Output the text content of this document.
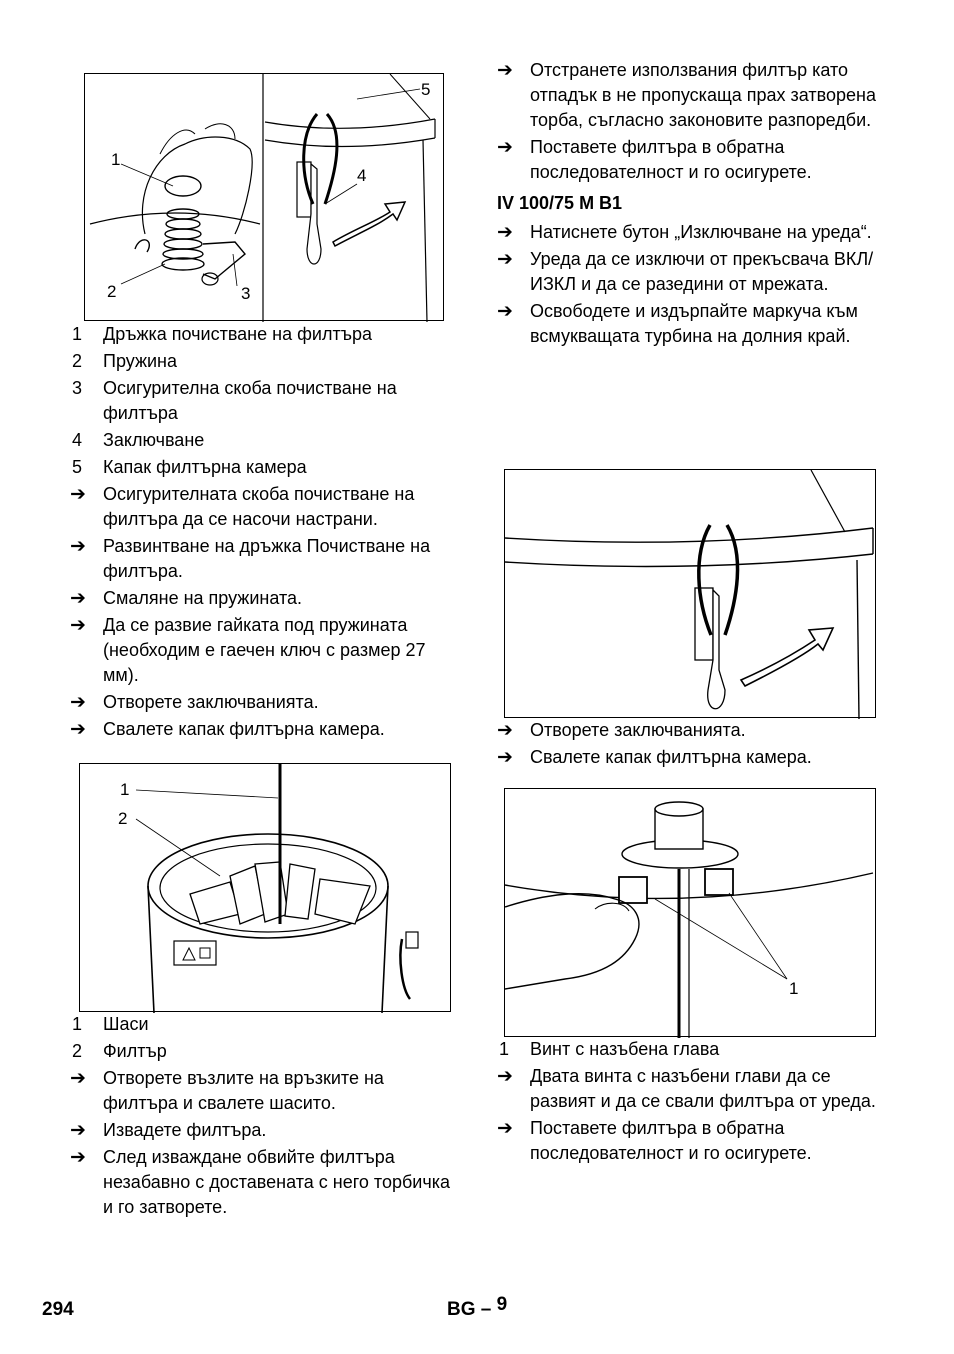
1
2	3
4
5
1	Дръжка почистване на филтъра
2	Пружина
3	Осигурителна скоба почистване на филтъра
4	Заключване
5	Капак филтърна камера
➔ Осигурителната скоба почистване на филтъра да се насочи настрани.
➔ Развинтване на дръжка Почистване на филтъра.
➔ Смаляне на пружината.
➔ Да се развие гайката под пружината (необходим е гаечен ключ с размер 27 мм).
➔ Отворете заключванията.
➔ Свалете капак филтърна камера.
1
2
1	Шаси
2	Филтър
➔ Отворете възлите на връзките на филтъра и свалете шасито.
➔ Извадете филтъра.
➔ След изваждане обвийте филтъра незабавно с доставената с него торбичка и го затворете.
➔ Отстранете използвания филтър като отпадък в не пропускаща прах затворена торба, съгласно законовите разпоредби.
➔ Поставете филтъра в обратна последователност и го осигурете.
IV 100/75 M B1
➔ Натиснете бутон „Изключване на уреда“.
➔ Уреда да се изключи от прекъсвача ВКЛ/ИЗКЛ и да се разедини от мрежата.
➔ Освободете и издърпайте маркуча към всмукващата турбина на долния край.
➔ Отворете заключванията.
➔ Свалете капак филтърна камера.
1
1	Винт с назъбена глава
➔ Двата винта с назъбени глави да се развият и да се свали филтъра от уреда.
➔ Поставете филтъра в обратна последователност и го осигурете.
294	BG – 9
